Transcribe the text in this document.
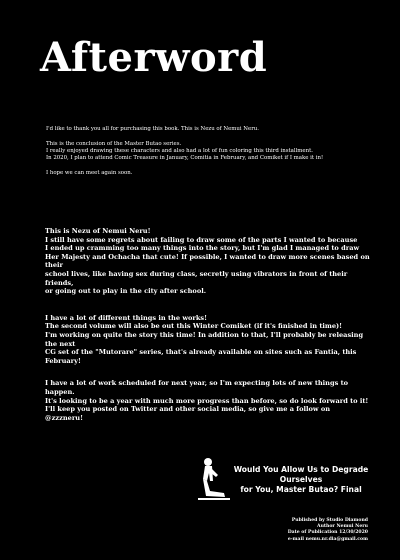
Afterword

I'd like to thank you all for purchasing this book. This is Nezu of Nemui Neru.

This is the conclusion of the Master Butao series.

I really enjoyed drawing these characters and also had a lot of fun coloring this third installment.

In 2020, I plan to attend Comic Treasure in January, Comitia in February, and Comiket if I make it in!

I hope we can meet again soon.

This is Nezu of Nemui Neru!

I still have some regrets about failing to draw some of the parts I wanted to because

I ended up cramming too many things into the story, but I'm glad I managed to draw

Her Majesty and Ochacha that cute! If possible, I wanted to draw more scenes based on their

school lives, like having sex during class, secretly using vibrators in front of their friends,

or going out to play in the city after school.

I have a lot of different things in the works!

The second volume will also be out this Winter Comiket (if it's finished in time)!

I'm working on quite the story this time! In addition to that, I'll probably be releasing the next

CG set of the "Mutorare" series, that's already available on sites such as Fantia, this February!

I have a lot of work scheduled for next year, so I'm expecting lots of new things to happen.

It's looking to be a year with much more progress than before, so do look forward to it!

I'll keep you posted on Twitter and other social media, so give me a follow on @zzzneru!

Would You Allow Us to Degrade Ourselves
for You, Master Butao? Final
Published by Studio Diamond
Author Nemui Neru
Date of Publication 12/30/2020
e-mail nemu.nr.dia@gmail.com
